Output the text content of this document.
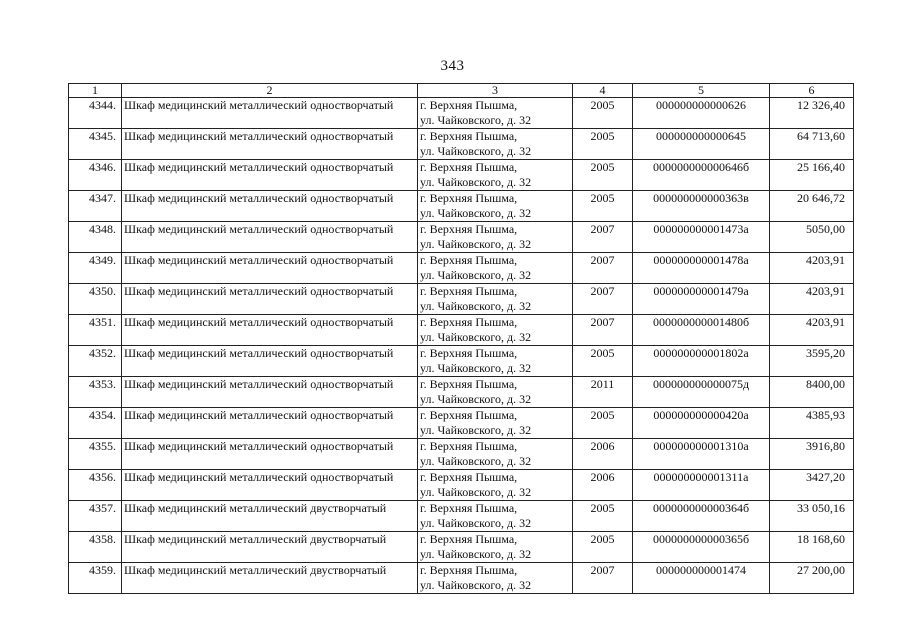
343
1	2	3	4	5	6
4344.	Шкаф медицинский металлический одностворчатый	г. Верхняя Пышма,
ул. Чайковского, д. 32	2005	000000000000626	12 326,40
4345.	Шкаф медицинский металлический одностворчатый	г. Верхняя Пышма,
ул. Чайковского, д. 32	2005	000000000000645	64 713,60
4346.	Шкаф медицинский металлический одностворчатый	г. Верхняя Пышма,
ул. Чайковского, д. 32	2005	000000000000646б	25 166,40
4347.	Шкаф медицинский металлический одностворчатый	г. Верхняя Пышма,
ул. Чайковского, д. 32	2005	000000000000363в	20 646,72
4348.	Шкаф медицинский металлический одностворчатый	г. Верхняя Пышма,
ул. Чайковского, д. 32	2007	000000000001473а	5050,00
4349.	Шкаф медицинский металлический одностворчатый	г. Верхняя Пышма,
ул. Чайковского, д. 32	2007	000000000001478а	4203,91
4350.	Шкаф медицинский металлический одностворчатый	г. Верхняя Пышма,
ул. Чайковского, д. 32	2007	000000000001479а	4203,91
4351.	Шкаф медицинский металлический одностворчатый	г. Верхняя Пышма,
ул. Чайковского, д. 32	2007	000000000001480б	4203,91
4352.	Шкаф медицинский металлический одностворчатый	г. Верхняя Пышма,
ул. Чайковского, д. 32	2005	000000000001802а	3595,20
4353.	Шкаф медицинский металлический одностворчатый	г. Верхняя Пышма,
ул. Чайковского, д. 32	2011	000000000000075д	8400,00
4354.	Шкаф медицинский металлический одностворчатый	г. Верхняя Пышма,
ул. Чайковского, д. 32	2005	000000000000420а	4385,93
4355.	Шкаф медицинский металлический одностворчатый	г. Верхняя Пышма,
ул. Чайковского, д. 32	2006	000000000001310а	3916,80
4356.	Шкаф медицинский металлический одностворчатый	г. Верхняя Пышма,
ул. Чайковского, д. 32	2006	000000000001311а	3427,20
4357.	Шкаф медицинский металлический двустворчатый	г. Верхняя Пышма,
ул. Чайковского, д. 32	2005	000000000000364б	33 050,16
4358.	Шкаф медицинский металлический двустворчатый	г. Верхняя Пышма,
ул. Чайковского, д. 32	2005	000000000000365б	18 168,60
4359.	Шкаф медицинский металлический двустворчатый	г. Верхняя Пышма,
ул. Чайковского, д. 32	2007	000000000001474	27 200,00
